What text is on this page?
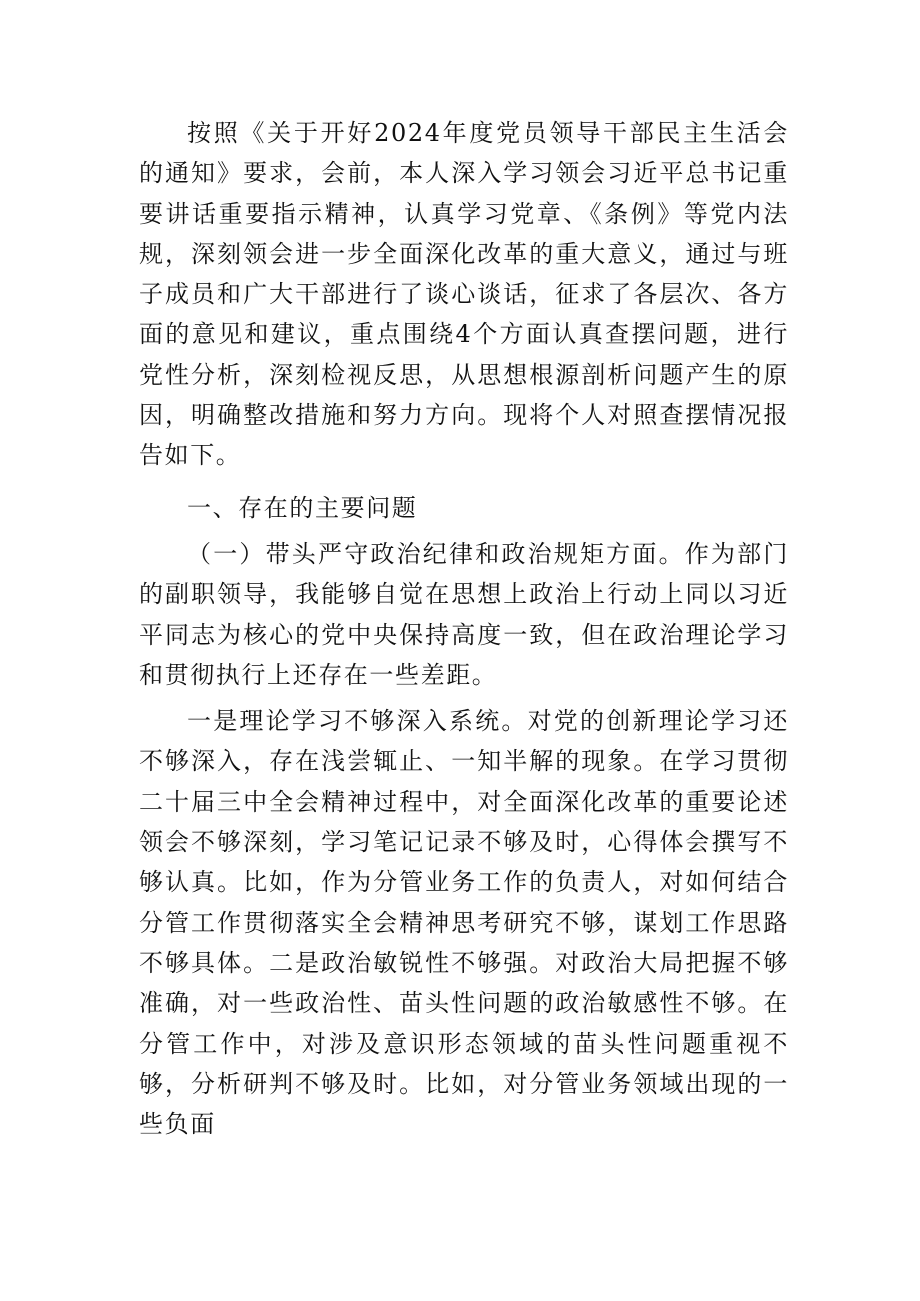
按照《关于开好2024年度党员领导干部民主生活会的通知》要求，会前，本人深入学习领会习近平总书记重要讲话重要指示精神，认真学习党章、《条例》等党内法规，深刻领会进一步全面深化改革的重大意义，通过与班子成员和广大干部进行了谈心谈话，征求了各层次、各方面的意见和建议，重点围绕4个方面认真查摆问题，进行党性分析，深刻检视反思，从思想根源剖析问题产生的原因，明确整改措施和努力方向。现将个人对照查摆情况报告如下。

一、存在的主要问题

（一）带头严守政治纪律和政治规矩方面。作为部门的副职领导，我能够自觉在思想上政治上行动上同以习近平同志为核心的党中央保持高度一致，但在政治理论学习和贯彻执行上还存在一些差距。

一是理论学习不够深入系统。对党的创新理论学习还不够深入，存在浅尝辄止、一知半解的现象。在学习贯彻二十届三中全会精神过程中，对全面深化改革的重要论述领会不够深刻，学习笔记记录不够及时，心得体会撰写不够认真。比如，作为分管业务工作的负责人，对如何结合分管工作贯彻落实全会精神思考研究不够，谋划工作思路不够具体。二是政治敏锐性不够强。对政治大局把握不够准确，对一些政治性、苗头性问题的政治敏感性不够。在分管工作中，对涉及意识形态领域的苗头性问题重视不够，分析研判不够及时。比如，对分管业务领域出现的一些负面
